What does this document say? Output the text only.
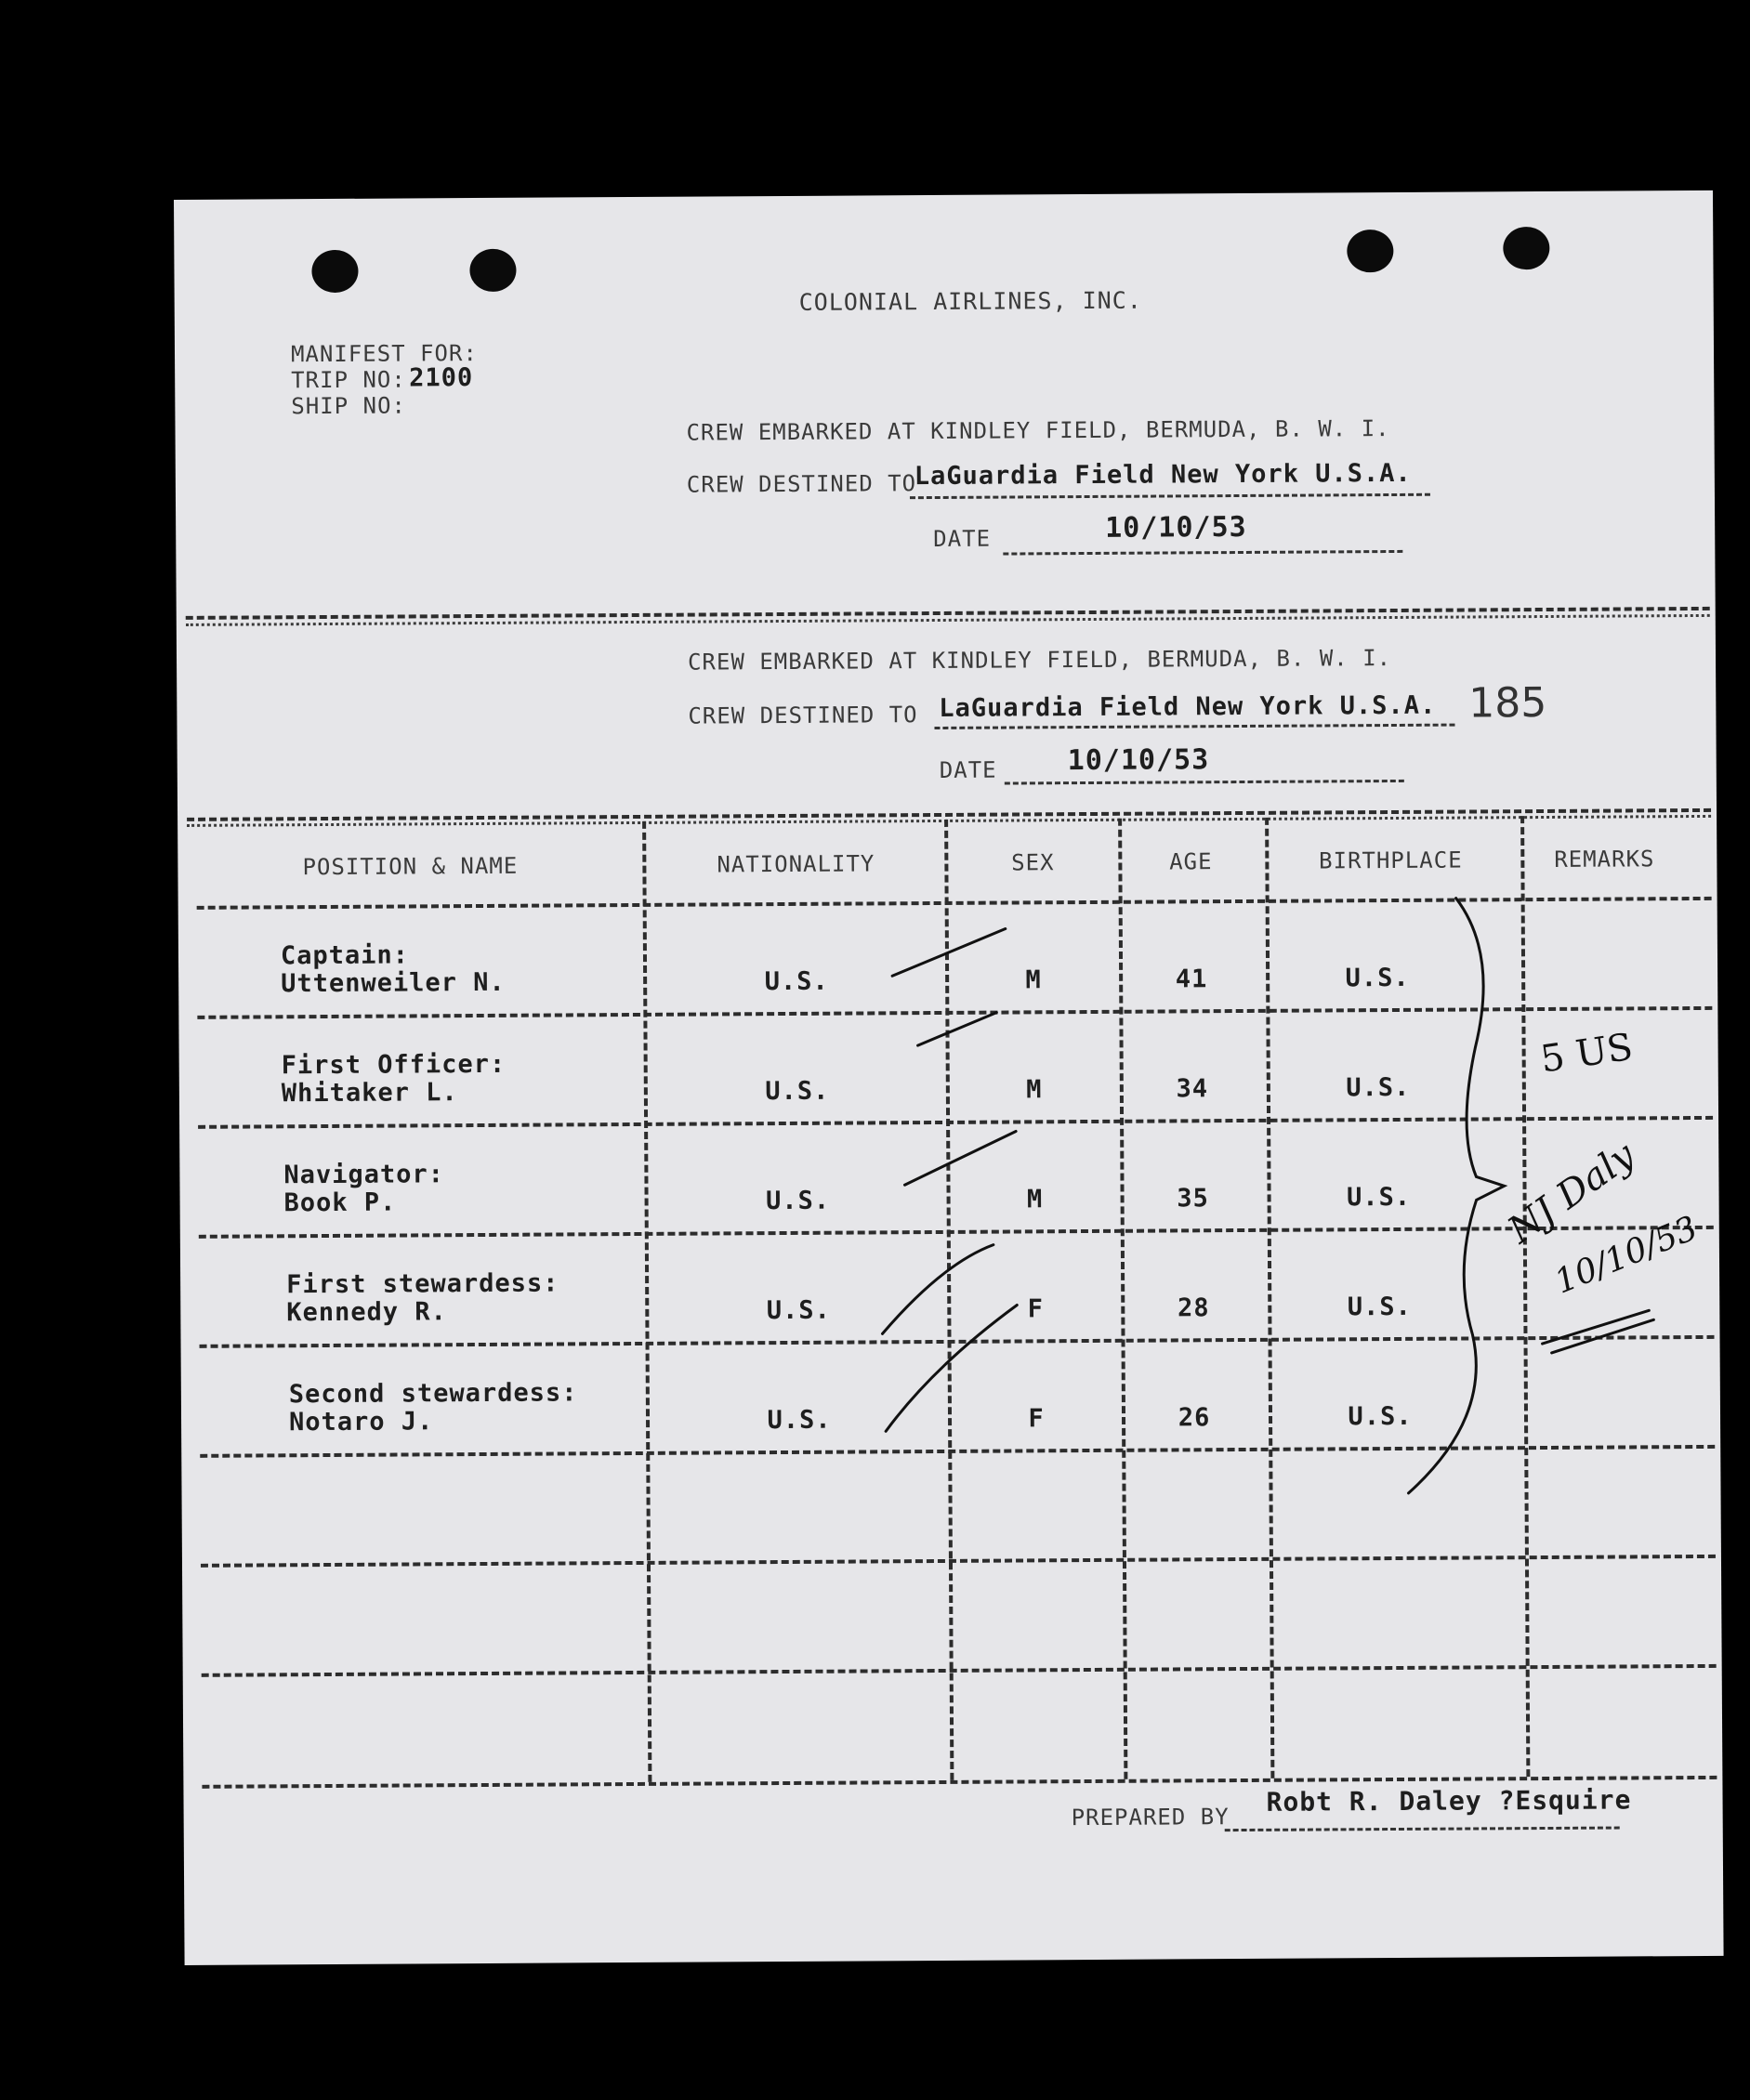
COLONIAL AIRLINES, INC.
MANIFEST FOR:
TRIP NO: 2100
SHIP NO:
CREW EMBARKED AT KINDLEY FIELD, BERMUDA, B. W. I.
CREW DESTINED TO
LaGuardia Field New York U.S.A.
DATE	10/10/53
CREW EMBARKED AT KINDLEY FIELD, BERMUDA, B. W. I.
CREW DESTINED TO LaGuardia Field New York U.S.A. 185
DATE	10/10/53
POSITION & NAME	NATIONALITY	SEX	AGE	BIRTHPLACE	REMARKS
Captain:
Uttenweiler N.	U.S.	M	41	U.S.
First Officer:
Whitaker L.	U.S.	M	34	U.S.
Navigator:
Book P.	U.S.	M	35	U.S.
First stewardess:
Kennedy R.	U.S.	F	28	U.S.
Second stewardess:
Notaro J.	U.S.	F	26	U.S.
5 US
NJ Daly
10/10/53
PREPARED BY Robt R. Daley ?Esquire
